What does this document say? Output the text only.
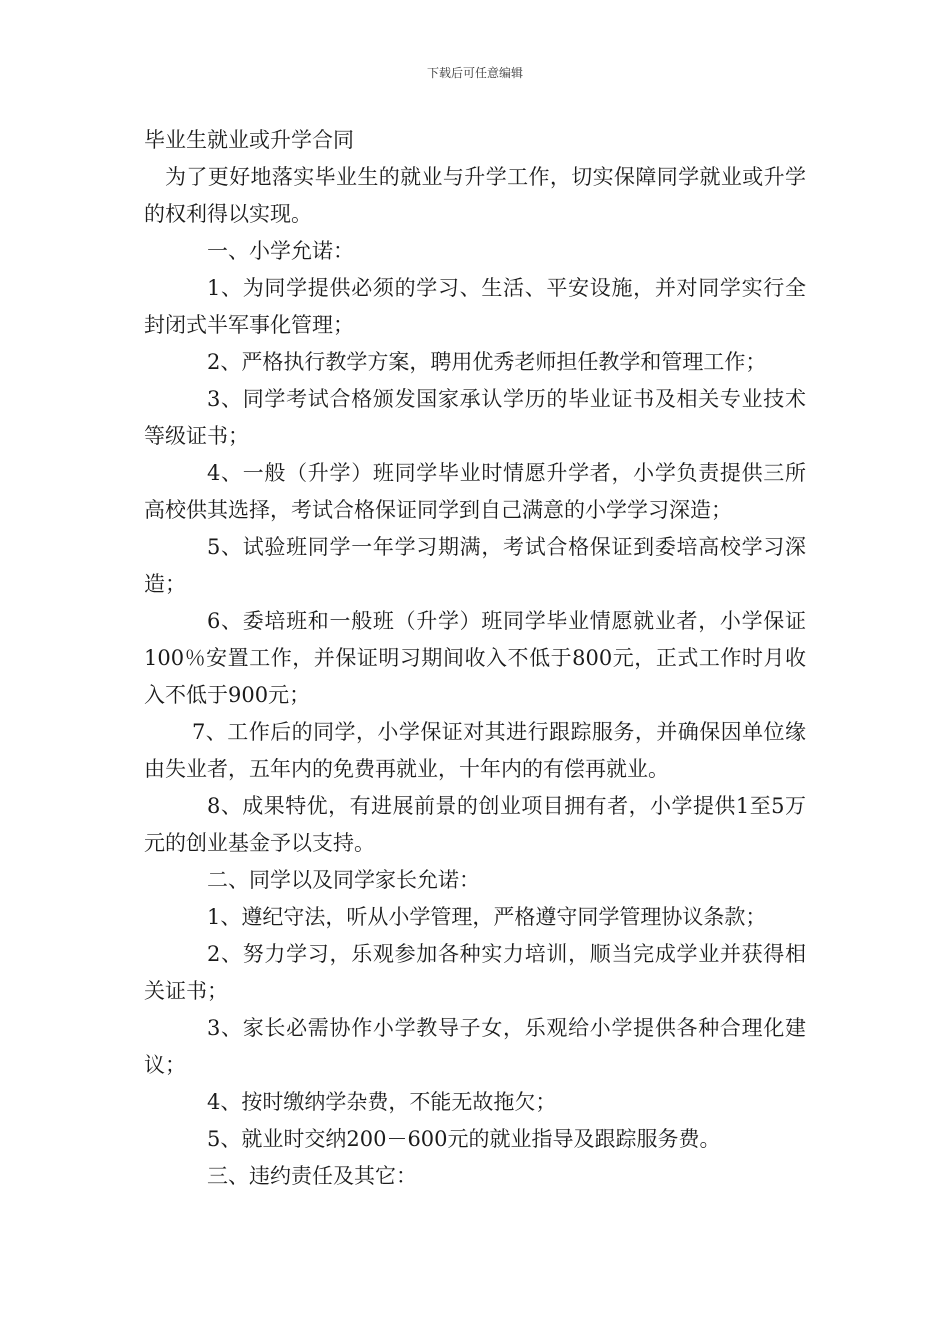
下载后可任意编辑

毕业生就业或升学合同

为了更好地落实毕业生的就业与升学工作，切实保障同学就业或升学的权利得以实现。

一、小学允诺：

1、为同学提供必须的学习、生活、平安设施，并对同学实行全封闭式半军事化管理；

2、严格执行教学方案，聘用优秀老师担任教学和管理工作；

3、同学考试合格颁发国家承认学历的毕业证书及相关专业技术等级证书；

4、一般（升学）班同学毕业时情愿升学者，小学负责提供三所高校供其选择，考试合格保证同学到自己满意的小学学习深造；

5、试验班同学一年学习期满，考试合格保证到委培高校学习深造；

6、委培班和一般班（升学）班同学毕业情愿就业者，小学保证100％安置工作，并保证明习期间收入不低于800元，正式工作时月收入不低于900元；

7、工作后的同学，小学保证对其进行跟踪服务，并确保因单位缘由失业者，五年内的免费再就业，十年内的有偿再就业。

8、成果特优，有进展前景的创业项目拥有者，小学提供1至5万元的创业基金予以支持。

二、同学以及同学家长允诺：

1、遵纪守法，听从小学管理，严格遵守同学管理协议条款；

2、努力学习，乐观参加各种实力培训，顺当完成学业并获得相关证书；

3、家长必需协作小学教导子女，乐观给小学提供各种合理化建议；

4、按时缴纳学杂费，不能无故拖欠；

5、就业时交纳200－600元的就业指导及跟踪服务费。

三、违约责任及其它：
